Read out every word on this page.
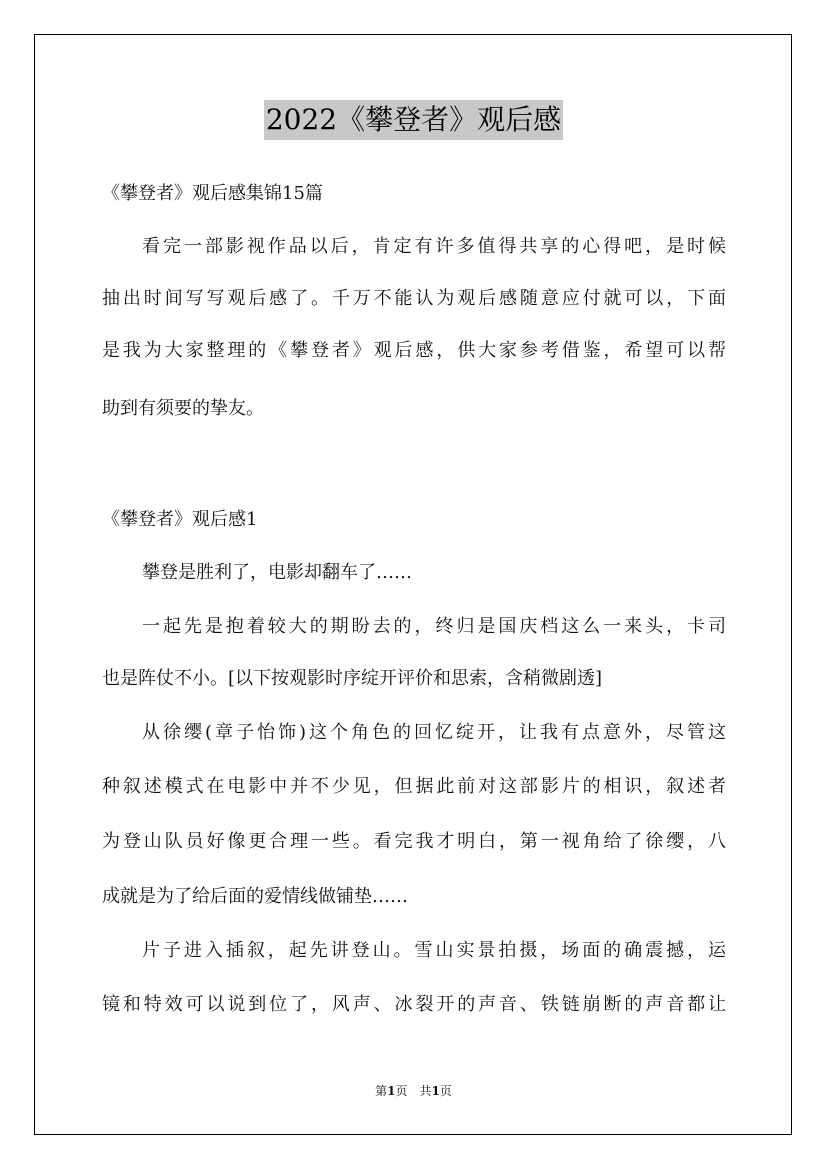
2022《攀登者》观后感
《攀登者》观后感集锦15篇
看完一部影视作品以后，肯定有许多值得共享的心得吧，是时候
抽出时间写写观后感了。千万不能认为观后感随意应付就可以，下面
是我为大家整理的《攀登者》观后感，供大家参考借鉴，希望可以帮
助到有须要的挚友。
《攀登者》观后感1
攀登是胜利了，电影却翻车了……
一起先是抱着较大的期盼去的，终归是国庆档这么一来头，卡司
也是阵仗不小。[以下按观影时序绽开评价和思索，含稍微剧透]
从徐缨(章子怡饰)这个角色的回忆绽开，让我有点意外，尽管这
种叙述模式在电影中并不少见，但据此前对这部影片的相识，叙述者
为登山队员好像更合理一些。看完我才明白，第一视角给了徐缨，八
成就是为了给后面的爱情线做铺垫……
片子进入插叙，起先讲登山。雪山实景拍摄，场面的确震撼，运
镜和特效可以说到位了，风声、冰裂开的声音、铁链崩断的声音都让
第1页 共1页
